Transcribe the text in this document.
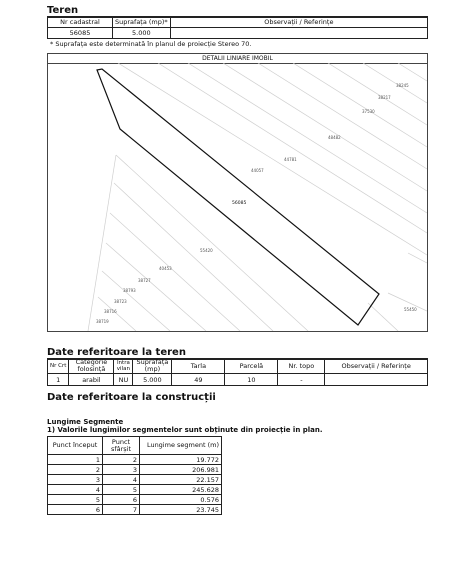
Teren
Nr cadastral	Suprafața (mp)*	Observații / Referințe
56085	5.000	
* Suprafața este determinată în planul de proiecție Stereo 70.
DETALII LINIARE IMOBIL
38245
38217
37530
48482
44781
44057
55420
40453
38727
38793
38723
38716
38719
55450
56085
Date referitoare la teren
Nr Crt	Categorie folosință	Intra vilan	Suprafața (mp)	Tarla	Parcelă	Nr. topo	Observații / Referințe
1	arabil	NU	5.000	49	10	-	
Date referitoare la construcții
Lungime Segmente
1) Valorile lungimilor segmentelor sunt obținute din proiecție în plan.
Punct început	Punct sfârșit	Lungime segment (m)
1	2	19.772
2	3	206.981
3	4	22.157
4	5	245.628
5	6	0.576
6	7	23.745
